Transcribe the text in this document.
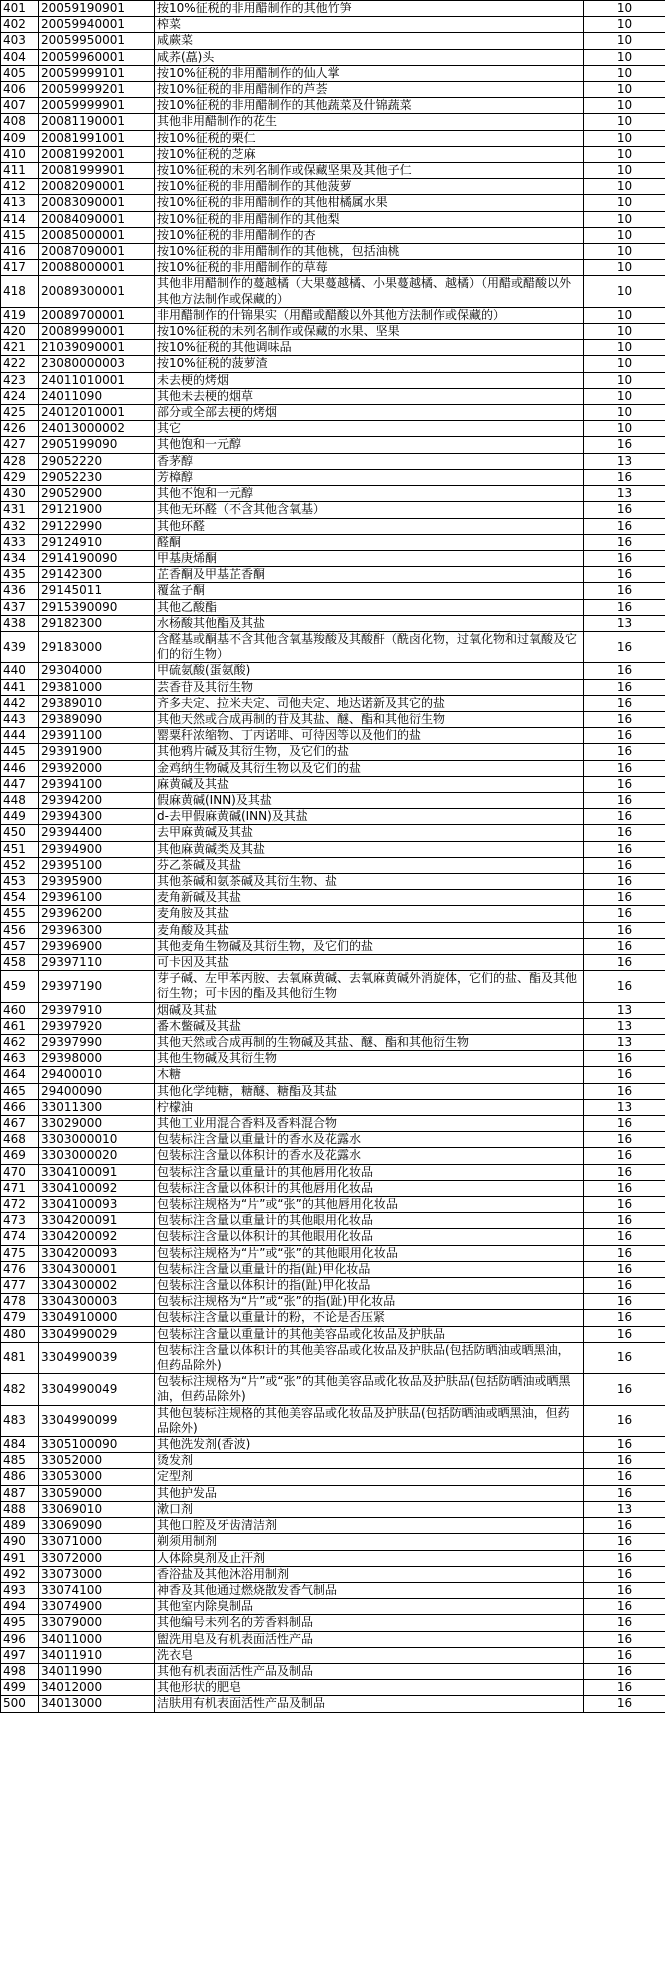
401	20059190901	按10%征税的非用醋制作的其他竹笋	10
402	20059940001	榨菜	10
403	20059950001	咸蕨菜	10
404	20059960001	咸荞(藠)头	10
405	20059999101	按10%征税的非用醋制作的仙人掌	10
406	20059999201	按10%征税的非用醋制作的芦荟	10
407	20059999901	按10%征税的非用醋制作的其他蔬菜及什锦蔬菜	10
408	20081190001	其他非用醋制作的花生	10
409	20081991001	按10%征税的栗仁	10
410	20081992001	按10%征税的芝麻	10
411	20081999901	按10%征税的未列名制作或保藏坚果及其他子仁	10
412	20082090001	按10%征税的非用醋制作的其他菠萝	10
413	20083090001	按10%征税的非用醋制作的其他柑橘属水果	10
414	20084090001	按10%征税的非用醋制作的其他梨	10
415	20085000001	按10%征税的非用醋制作的杏	10
416	20087090001	按10%征税的非用醋制作的其他桃，包括油桃	10
417	20088000001	按10%征税的非用醋制作的草莓	10
418	20089300001	其他非用醋制作的蔓越橘（大果蔓越橘、小果蔓越橘、越橘）（用醋或醋酸以外其他方法制作或保藏的）	10
419	20089700001	非用醋制作的什锦果实（用醋或醋酸以外其他方法制作或保藏的）	10
420	20089990001	按10%征税的未列名制作或保藏的水果、坚果	10
421	21039090001	按10%征税的其他调味品	10
422	23080000003	按10%征税的菠萝渣	10
423	24011010001	未去梗的烤烟	10
424	24011090	其他未去梗的烟草	10
425	24012010001	部分或全部去梗的烤烟	10
426	24013000002	其它	10
427	2905199090	其他饱和一元醇	16
428	29052220	香茅醇	13
429	29052230	芳樟醇	16
430	29052900	其他不饱和一元醇	13
431	29121900	其他无环醛（不含其他含氧基）	16
432	29122990	其他环醛	16
433	29124910	醛酮	16
434	2914190090	甲基庚烯酮	16
435	29142300	芷香酮及甲基芷香酮	16
436	29145011	覆盆子酮	16
437	2915390090	其他乙酸酯	16
438	29182300	水杨酸其他酯及其盐	13
439	29183000	含醛基或酮基不含其他含氧基羧酸及其酸酐（酰卤化物，过氧化物和过氧酸及它们的衍生物）	16
440	29304000	甲硫氨酸(蛋氨酸)	16
441	29381000	芸香苷及其衍生物	16
442	29389010	齐多夫定、拉米夫定、司他夫定、地达诺新及其它的盐	16
443	29389090	其他天然或合成再制的苷及其盐、醚、酯和其他衍生物	16
444	29391100	罂粟秆浓缩物、丁丙诺啡、可待因等以及他们的盐	16
445	29391900	其他鸦片碱及其衍生物，及它们的盐	16
446	29392000	金鸡纳生物碱及其衍生物以及它们的盐	16
447	29394100	麻黄碱及其盐	16
448	29394200	假麻黄碱(INN)及其盐	16
449	29394300	d-去甲假麻黄碱(INN)及其盐	16
450	29394400	去甲麻黄碱及其盐	16
451	29394900	其他麻黄碱类及其盐	16
452	29395100	芬乙茶碱及其盐	16
453	29395900	其他茶碱和氨茶碱及其衍生物、盐	16
454	29396100	麦角新碱及其盐	16
455	29396200	麦角胺及其盐	16
456	29396300	麦角酸及其盐	16
457	29396900	其他麦角生物碱及其衍生物，及它们的盐	16
458	29397110	可卡因及其盐	16
459	29397190	芽子碱、左甲苯丙胺、去氧麻黄碱、去氧麻黄碱外消旋体，它们的盐、酯及其他衍生物；可卡因的酯及其他衍生物	16
460	29397910	烟碱及其盐	13
461	29397920	番木鳖碱及其盐	13
462	29397990	其他天然或合成再制的生物碱及其盐、醚、酯和其他衍生物	13
463	29398000	其他生物碱及其衍生物	16
464	29400010	木糖	16
465	29400090	其他化学纯糖，糖醚、糖酯及其盐	16
466	33011300	柠檬油	13
467	33029000	其他工业用混合香料及香料混合物	16
468	3303000010	包装标注含量以重量计的香水及花露水	16
469	3303000020	包装标注含量以体积计的香水及花露水	16
470	3304100091	包装标注含量以重量计的其他唇用化妆品	16
471	3304100092	包装标注含量以体积计的其他唇用化妆品	16
472	3304100093	包装标注规格为“片”或“张”的其他唇用化妆品	16
473	3304200091	包装标注含量以重量计的其他眼用化妆品	16
474	3304200092	包装标注含量以体积计的其他眼用化妆品	16
475	3304200093	包装标注规格为“片”或“张”的其他眼用化妆品	16
476	3304300001	包装标注含量以重量计的指(趾)甲化妆品	16
477	3304300002	包装标注含量以体积计的指(趾)甲化妆品	16
478	3304300003	包装标注规格为“片”或“张”的指(趾)甲化妆品	16
479	3304910000	包装标注含量以重量计的粉，不论是否压紧	16
480	3304990029	包装标注含量以重量计的其他美容品或化妆品及护肤品	16
481	3304990039	包装标注含量以体积计的其他美容品或化妆品及护肤品(包括防晒油或晒黑油，但药品除外)	16
482	3304990049	包装标注规格为“片”或“张”的其他美容品或化妆品及护肤品(包括防晒油或晒黑油，但药品除外)	16
483	3304990099	其他包装标注规格的其他美容品或化妆品及护肤品(包括防晒油或晒黑油，但药品除外)	16
484	3305100090	其他洗发剂(香波)	16
485	33052000	烫发剂	16
486	33053000	定型剂	16
487	33059000	其他护发品	16
488	33069010	漱口剂	13
489	33069090	其他口腔及牙齿清洁剂	16
490	33071000	剃须用制剂	16
491	33072000	人体除臭剂及止汗剂	16
492	33073000	香浴盐及其他沐浴用制剂	16
493	33074100	神香及其他通过燃烧散发香气制品	16
494	33074900	其他室内除臭制品	16
495	33079000	其他编号未列名的芳香料制品	16
496	34011000	盥洗用皂及有机表面活性产品	16
497	34011910	洗衣皂	16
498	34011990	其他有机表面活性产品及制品	16
499	34012000	其他形状的肥皂	16
500	34013000	洁肤用有机表面活性产品及制品	16
